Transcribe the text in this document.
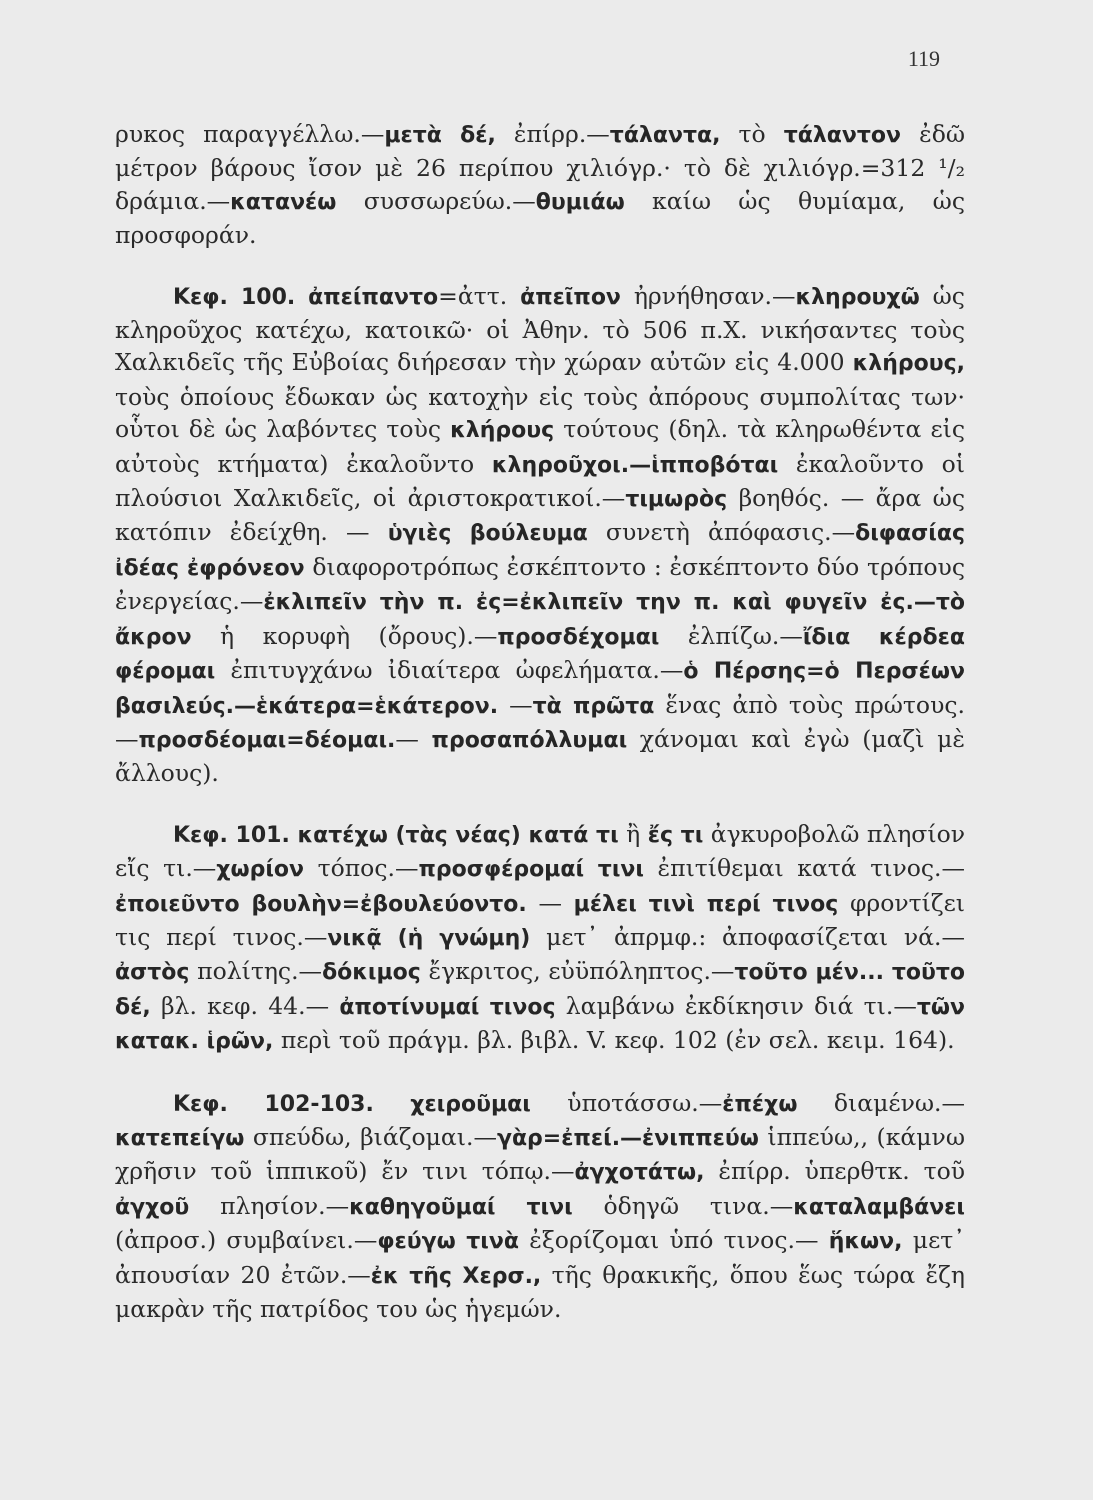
119

ρυκος παραγγέλλω.—μετὰ δέ, ἐπίρρ.—τάλαντα, τὸ τάλαντον ἐδῶ μέτρον βάρους ἴσον μὲ 26 περίπου χιλιόγρ.· τὸ δὲ χιλιόγρ.=312 ¹/₂ δράμια.—κατανέω συσσωρεύω.—θυμιάω καίω ὡς θυμίαμα, ὡς προσφοράν.

Κεφ. 100. ἀπείπαντο=ἀττ. ἀπεῖπον ἠρνήθησαν.—κληρουχῶ ὡς κληροῦχος κατέχω, κατοικῶ· οἱ Ἀθην. τὸ 506 π.Χ. νικήσαντες τοὺς Χαλκιδεῖς τῆς Εὐβοίας διήρεσαν τὴν χώραν αὐτῶν εἰς 4.000 κλήρους, τοὺς ὁποίους ἔδωκαν ὡς κατοχὴν εἰς τοὺς ἀπόρους συμπολίτας των· οὗτοι δὲ ὡς λαβόντες τοὺς κλήρους τούτους (δηλ. τὰ κληρωθέντα εἰς αὐτοὺς κτήματα) ἐκαλοῦντο κληροῦχοι.—ἱπποβόται ἐκαλοῦντο οἱ πλούσιοι Χαλκιδεῖς, οἱ ἀριστοκρατικοί.—τιμωρὸς βοηθός. — ἄρα ὡς κατόπιν ἐδείχθη. — ὑγιὲς βούλευμα συνετὴ ἀπόφασις.—διφασίας ἰδέας ἐφρόνεον διαφοροτρόπως ἐσκέπτοντο : ἐσκέπτοντο δύο τρόπους ἐνεργείας.—ἐκλιπεῖν τὴν π. ἐς=ἐκλιπεῖν την π. καὶ φυγεῖν ἐς.—τὸ ἄκρον ἡ κορυφὴ (ὄρους).—προσδέχομαι ἐλπίζω.—ἴδια κέρδεα φέρομαι ἐπιτυγχάνω ἰδιαίτερα ὠφελήματα.—ὁ Πέρσης=ὁ Περσέων βασιλεύς.—ἑκάτερα=ἑκάτερον. —τὰ πρῶτα ἕνας ἀπὸ τοὺς πρώτους.—προσδέομαι=δέομαι.— προσαπόλλυμαι χάνομαι καὶ ἐγὼ (μαζὶ μὲ ἄλλους).

Κεφ. 101. κατέχω (τὰς νέας) κατά τι ἢ ἔς τι ἀγκυροβολῶ πλησίον εἴς τι.—χωρίον τόπος.—προσφέρομαί τινι ἐπιτίθεμαι κατά τινος.—ἐποιεῦντο βουλὴν=ἐβουλεύοντο. — μέλει τινὶ περί τινος φροντίζει τις περί τινος.—νικᾷ (ἡ γνώμη) μετ᾽ ἀπρμφ.: ἀποφασίζεται νά.—ἀστὸς πολίτης.—δόκιμος ἔγκριτος, εὐϋπόληπτος.—τοῦτο μέν... τοῦτο δέ, βλ. κεφ. 44.— ἀποτίνυμαί τινος λαμβάνω ἐκδίκησιν διά τι.—τῶν κατακ. ἱρῶν, περὶ τοῦ πράγμ. βλ. βιβλ. V. κεφ. 102 (ἐν σελ. κειμ. 164).

Κεφ. 102-103. χειροῦμαι ὑποτάσσω.—ἐπέχω διαμένω.— κατεπείγω σπεύδω, βιάζομαι.—γὰρ=ἐπεί.—ἐνιππεύω ἱππεύω,, (κάμνω χρῆσιν τοῦ ἱππικοῦ) ἔν τινι τόπῳ.—ἀγχοτάτω, ἐπίρρ. ὑπερθτκ. τοῦ ἀγχοῦ πλησίον.—καθηγοῦμαί τινι ὁδηγῶ τινα.—καταλαμβάνει (ἀπροσ.) συμβαίνει.—φεύγω τινὰ ἐξορίζομαι ὑπό τινος.— ἥκων, μετ᾽ ἀπουσίαν 20 ἐτῶν.—ἐκ τῆς Χερσ., τῆς θρακικῆς, ὅπου ἕως τώρα ἔζη μακρὰν τῆς πατρίδος του ὡς ἡγεμών.
